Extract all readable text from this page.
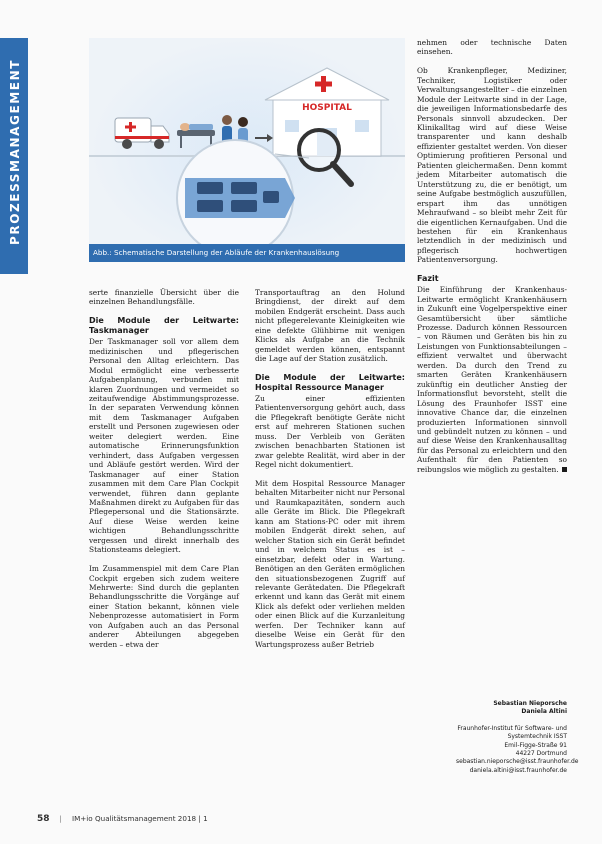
PROZESSMANAGEMENT	HOSPITAL
Abb.: Schematische Darstellung der Abläufe der Krankenhauslösung

serte finanzielle Übersicht über die einzelnen Behandlungsfälle.

Die Module der Leitwarte: Taskmanager

Der Taskmanager soll vor allem dem medizinischen und pflegerischen Personal den Alltag erleichtern. Das Modul ermöglicht eine verbesserte Aufgabenplanung, verbunden mit klaren Zuordnungen und vermeidet so zeitaufwendige Abstimmungsprozesse. In der separaten Verwendung können mit dem Taskmanager Aufgaben erstellt und Personen zugewiesen oder weiter delegiert werden. Eine automatische Erinnerungsfunktion verhindert, dass Aufgaben vergessen und Abläufe gestört werden. Wird der Taskmanager auf einer Station zusammen mit dem Care Plan Cockpit verwendet, führen dann geplante Maßnahmen direkt zu Aufgaben für das Pflegepersonal und die Stationsärzte. Auf diese Weise werden keine wichtigen Behandlungsschritte vergessen und direkt innerhalb des Stationsteams delegiert.

Im Zusammenspiel mit dem Care Plan Cockpit ergeben sich zudem weitere Mehrwerte: Sind durch die geplanten Behandlungsschritte die Vorgänge auf einer Station bekannt, können viele Nebenprozesse automatisiert in Form von Aufgaben auch an das Personal anderer Abteilungen abgegeben werden – etwa der

Transportauftrag an den Holund Bringdienst, der direkt auf dem mobilen Endgerät erscheint. Dass auch nicht pflegerelevante Kleinigkeiten wie eine defekte Glühbirne mit wenigen Klicks als Aufgabe an die Technik gemeldet werden können, entspannt die Lage auf der Station zusätzlich.

Die Module der Leitwarte: Hospital Ressource Manager

Zu einer effizienten Patientenversorgung gehört auch, dass die Pflegekraft benötigte Geräte nicht erst auf mehreren Stationen suchen muss. Der Verbleib von Geräten zwischen benachbarten Stationen ist zwar gelebte Realität, wird aber in der Regel nicht dokumentiert.

Mit dem Hospital Ressource Manager behalten Mitarbeiter nicht nur Personal und Raumkapazitäten, sondern auch alle Geräte im Blick. Die Pflegekraft kann am Stations-PC oder mit ihrem mobilen Endgerät direkt sehen, auf welcher Station sich ein Gerät befindet und in welchem Status es ist – einsetzbar, defekt oder in Wartung. Benötigen an den Geräten ermöglichen den situationsbezogenen Zugriff auf relevante Gerätedaten. Die Pflegekraft erkennt und kann das Gerät mit einem Klick als defekt oder verliehen melden oder einen Blick auf die Kurzanleitung werfen. Der Techniker kann auf dieselbe Weise ein Gerät für den Wartungsprozess außer Betrieb

nehmen oder technische Daten einsehen.

Ob Krankenpfleger, Mediziner, Techniker, Logistiker oder Verwaltungsangestellter – die einzelnen Module der Leitwarte sind in der Lage, die jeweiligen Informationsbedarfe des Personals sinnvoll abzudecken. Der Klinikalltag wird auf diese Weise transparenter und kann deshalb effizienter gestaltet werden. Von dieser Optimierung profitieren Personal und Patienten gleichermaßen. Denn kommt jedem Mitarbeiter automatisch die Unterstützung zu, die er benötigt, um seine Aufgabe bestmöglich auszufüllen, erspart ihm das unnötigen Mehraufwand – so bleibt mehr Zeit für die eigentlichen Kernaufgaben. Und die bestehen für ein Krankenhaus letztendlich in der medizinisch und pflegerisch hochwertigen Patientenversorgung.

Fazit

Die Einführung der Krankenhaus-Leitwarte ermöglicht Krankenhäusern in Zukunft eine Vogelperspektive einer Gesamtübersicht über sämtliche Prozesse. Dadurch können Ressourcen – von Räumen und Geräten bis hin zu Leistungen von Funktionsabteilungen – effizient verwaltet und überwacht werden. Da durch den Trend zu smarten Geräten Krankenhäusern zukünftig ein deutlicher Anstieg der Informationsflut bevorsteht, stellt die Lösung des Fraunhofer ISST eine innovative Chance dar, die einzelnen produzierten Informationen sinnvoll und gebündelt nutzen zu können – und auf diese Weise den Krankenhausalltag für das Personal zu erleichtern und den Aufenthalt für den Patienten so reibungslos wie möglich zu gestalten.

Sebastian Nieporsche
Daniela Altini
Fraunhofer-Institut für Software- und Systemtechnik ISST
Emil-Figge-Straße 91
44227 Dortmund
sebastian.nieporsche@isst.fraunhofer.de
daniela.altini@isst.fraunhofer.de
58 | IM+io Qualitätsmanagement 2018 | 1
